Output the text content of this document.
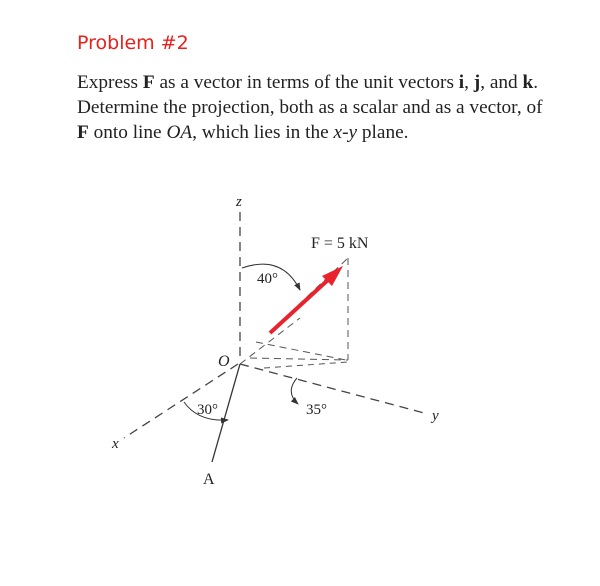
Problem #2
Express F as a vector in terms of the unit vectors i, j, and k. Determine the projection, both as a scalar and as a vector, of F onto line OA, which lies in the x-y plane.
z
x
y
O
A
F = 5 kN
40°
30°	35°
